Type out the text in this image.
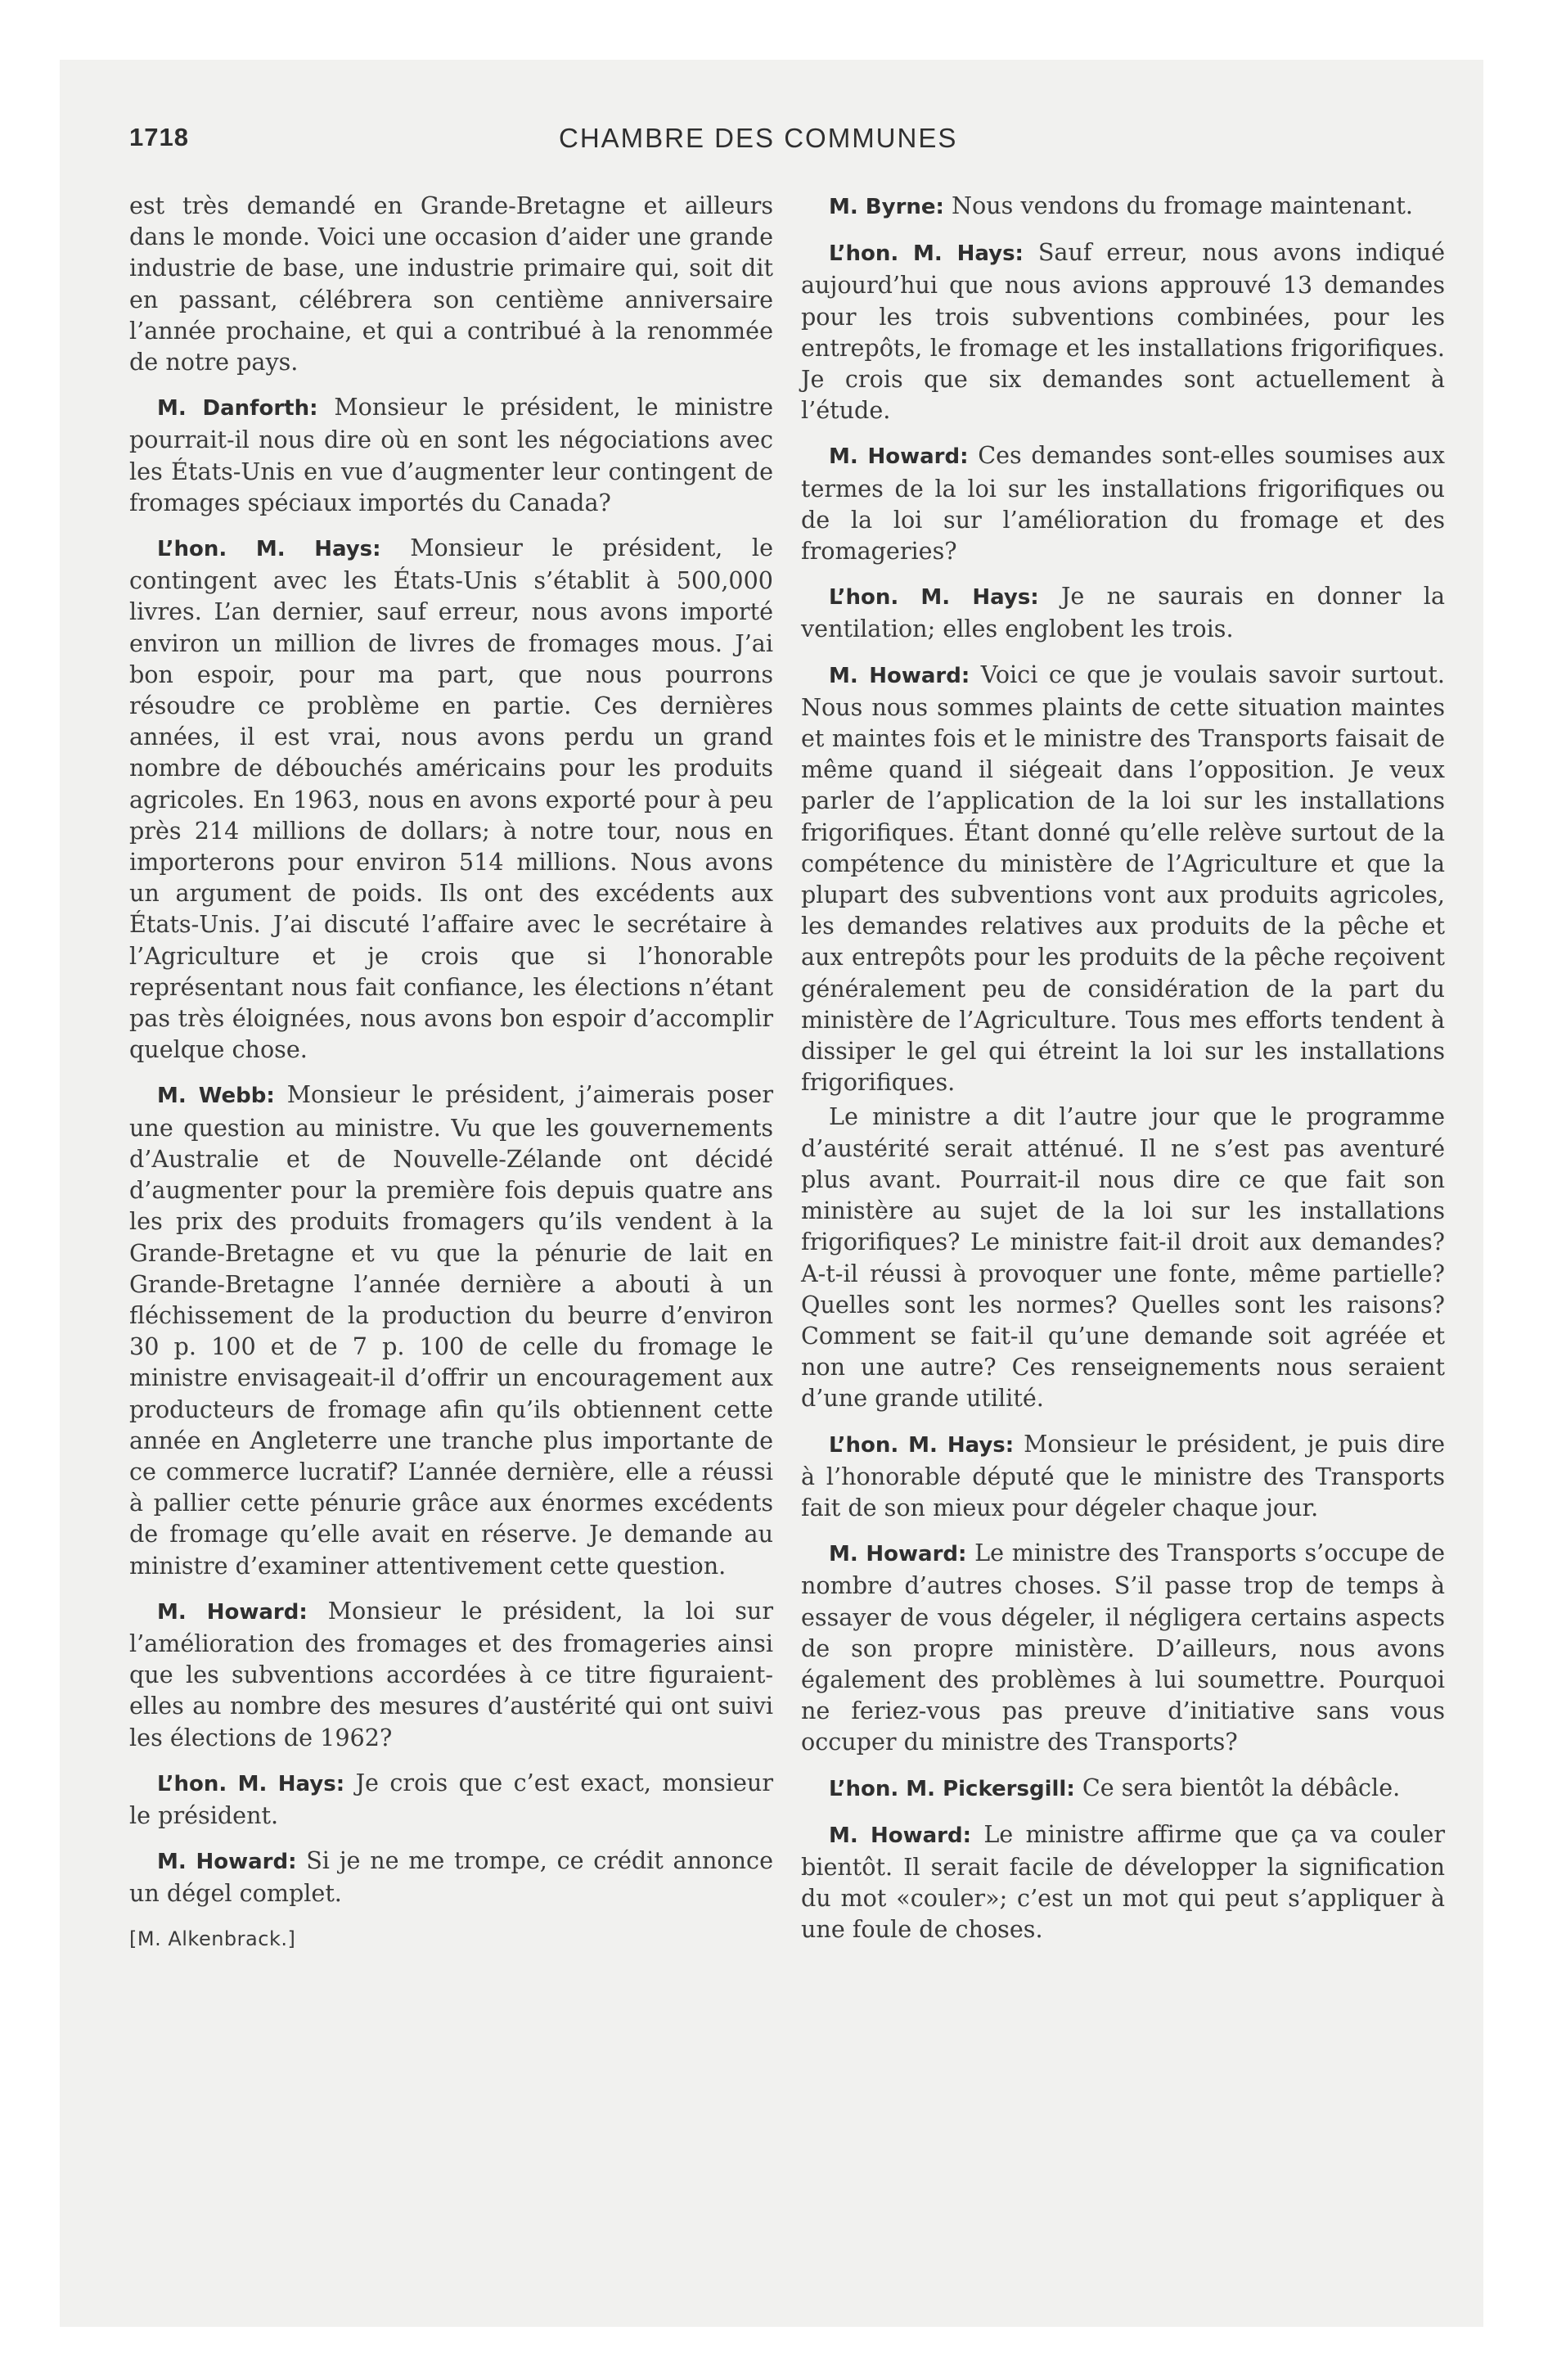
1718	CHAMBRE DES COMMUNES

est très demandé en Grande-Bretagne et ailleurs dans le monde. Voici une occasion d’aider une grande industrie de base, une industrie primaire qui, soit dit en passant, célébrera son centième anniversaire l’année prochaine, et qui a contribué à la renommée de notre pays.

M. Danforth: Monsieur le président, le ministre pourrait-il nous dire où en sont les négociations avec les États-Unis en vue d’augmenter leur contingent de fromages spéciaux importés du Canada?

L’hon. M. Hays: Monsieur le président, le contingent avec les États-Unis s’établit à 500,000 livres. L’an dernier, sauf erreur, nous avons importé environ un million de livres de fromages mous. J’ai bon espoir, pour ma part, que nous pourrons résoudre ce problème en partie. Ces dernières années, il est vrai, nous avons perdu un grand nombre de débouchés américains pour les produits agricoles. En 1963, nous en avons exporté pour à peu près 214 millions de dollars; à notre tour, nous en importerons pour environ 514 millions. Nous avons un argument de poids. Ils ont des excédents aux États-Unis. J’ai discuté l’affaire avec le secrétaire à l’Agriculture et je crois que si l’honorable représentant nous fait confiance, les élections n’étant pas très éloignées, nous avons bon espoir d’accomplir quelque chose.

M. Webb: Monsieur le président, j’aimerais poser une question au ministre. Vu que les gouvernements d’Australie et de Nouvelle-Zélande ont décidé d’augmenter pour la première fois depuis quatre ans les prix des produits fromagers qu’ils vendent à la Grande-Bretagne et vu que la pénurie de lait en Grande-Bretagne l’année dernière a abouti à un fléchissement de la production du beurre d’environ 30 p. 100 et de 7 p. 100 de celle du fromage le ministre envisageait-il d’offrir un encouragement aux producteurs de fromage afin qu’ils obtiennent cette année en Angleterre une tranche plus importante de ce commerce lucratif? L’année dernière, elle a réussi à pallier cette pénurie grâce aux énormes excédents de fromage qu’elle avait en réserve. Je demande au ministre d’examiner attentivement cette question.

M. Howard: Monsieur le président, la loi sur l’amélioration des fromages et des fromageries ainsi que les subventions accordées à ce titre figuraient-elles au nombre des mesures d’austérité qui ont suivi les élections de 1962?

L’hon. M. Hays: Je crois que c’est exact, monsieur le président.

M. Howard: Si je ne me trompe, ce crédit annonce un dégel complet.

[M. Alkenbrack.]

M. Byrne: Nous vendons du fromage maintenant.

L’hon. M. Hays: Sauf erreur, nous avons indiqué aujourd’hui que nous avions approuvé 13 demandes pour les trois subventions combinées, pour les entrepôts, le fromage et les installations frigorifiques. Je crois que six demandes sont actuellement à l’étude.

M. Howard: Ces demandes sont-elles soumises aux termes de la loi sur les installations frigorifiques ou de la loi sur l’amélioration du fromage et des fromageries?

L’hon. M. Hays: Je ne saurais en donner la ventilation; elles englobent les trois.

M. Howard: Voici ce que je voulais savoir surtout. Nous nous sommes plaints de cette situation maintes et maintes fois et le ministre des Transports faisait de même quand il siégeait dans l’opposition. Je veux parler de l’application de la loi sur les installations frigorifiques. Étant donné qu’elle relève surtout de la compétence du ministère de l’Agriculture et que la plupart des subventions vont aux produits agricoles, les demandes relatives aux produits de la pêche et aux entrepôts pour les produits de la pêche reçoivent généralement peu de considération de la part du ministère de l’Agriculture. Tous mes efforts tendent à dissiper le gel qui étreint la loi sur les installations frigorifiques.

Le ministre a dit l’autre jour que le programme d’austérité serait atténué. Il ne s’est pas aventuré plus avant. Pourrait-il nous dire ce que fait son ministère au sujet de la loi sur les installations frigorifiques? Le ministre fait-il droit aux demandes? A-t-il réussi à provoquer une fonte, même partielle? Quelles sont les normes? Quelles sont les raisons? Comment se fait-il qu’une demande soit agréée et non une autre? Ces renseignements nous seraient d’une grande utilité.

L’hon. M. Hays: Monsieur le président, je puis dire à l’honorable député que le ministre des Transports fait de son mieux pour dégeler chaque jour.

M. Howard: Le ministre des Transports s’occupe de nombre d’autres choses. S’il passe trop de temps à essayer de vous dégeler, il négligera certains aspects de son propre ministère. D’ailleurs, nous avons également des problèmes à lui soumettre. Pourquoi ne feriez-vous pas preuve d’initiative sans vous occuper du ministre des Transports?

L’hon. M. Pickersgill: Ce sera bientôt la débâcle.

M. Howard: Le ministre affirme que ça va couler bientôt. Il serait facile de développer la signification du mot «couler»; c’est un mot qui peut s’appliquer à une foule de choses.
